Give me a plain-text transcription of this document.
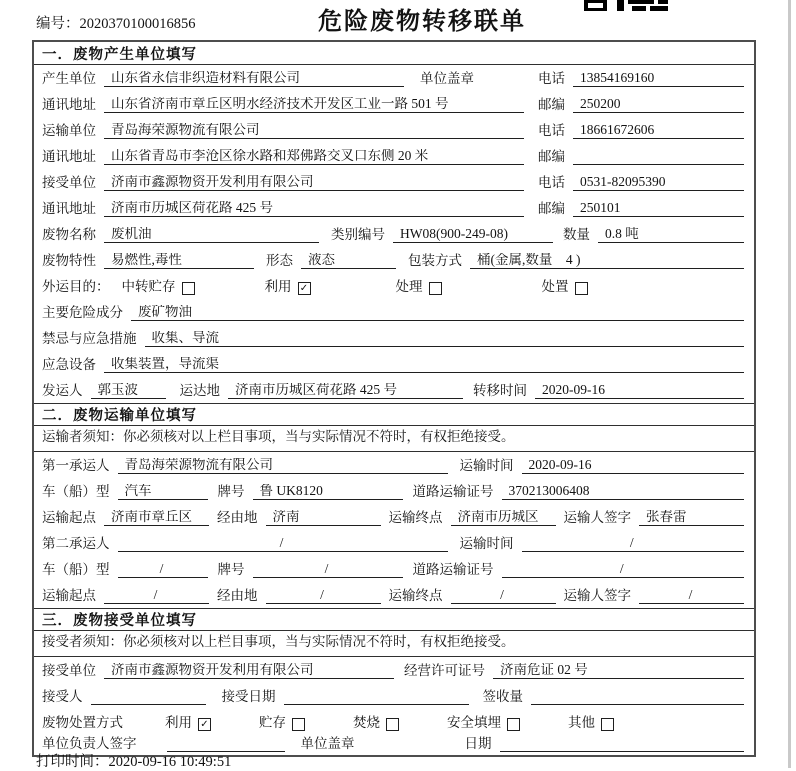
编号：2020370100016856	危险废物转移联单
一．废物产生单位填写
产生单位	山东省永信非织造材料有限公司	单位盖章	电话	13854169160
通讯地址	山东省济南市章丘区明水经济技术开发区工业一路 501 号	邮编	250200
运输单位	青岛海荣源物流有限公司	电话	18661672606
通讯地址	山东省青岛市李沧区徐水路和郑佛路交叉口东侧 20 米	邮编
接受单位	济南市鑫源物资开发利用有限公司	电话	0531-82095390
通讯地址	济南市历城区荷花路 425 号	邮编	250101
废物名称	废机油	类别编号	HW08(900-249-08)	数量	0.8 吨
废物特性	易燃性,毒性	形态	液态	包装方式	桶(金属,数量　4 )
外运目的： 中转贮存	利用 ✓	处理	处置
主要危险成分	废矿物油
禁忌与应急措施	收集、导流
应急设备	收集装置，导流渠
发运人	郭玉波	运达地	济南市历城区荷花路 425 号	转移时间	2020-09-16
二．废物运输单位填写
运输者须知：你必须核对以上栏目事项，当与实际情况不符时，有权拒绝接受。
第一承运人	青岛海荣源物流有限公司	运输时间	2020-09-16
车（船）型	汽车	牌号	鲁 UK8120	道路运输证号	370213006408
运输起点	济南市章丘区	经由地	济南	运输终点	济南市历城区	运输人签字	张春雷
第二承运人	/	运输时间	/
车（船）型	/	牌号	/	道路运输证号	/
运输起点	/	经由地	/	运输终点	/	运输人签字	/
三．废物接受单位填写
接受者须知：你必须核对以上栏目事项，当与实际情况不符时，有权拒绝接受。
接受单位	济南市鑫源物资开发利用有限公司	经营许可证号	济南危证 02 号
接受人	接受日期	签收量
废物处置方式	利用 ✓	贮存	焚烧	安全填埋	其他
单位负责人签字	单位盖章	日期
打印时间：2020-09-16 10:49:51
